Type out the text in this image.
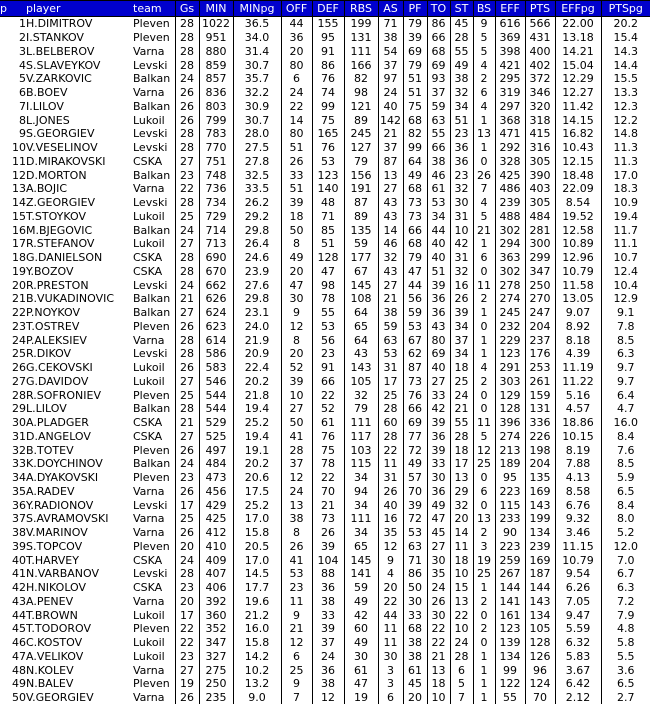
p	player	team	Gs	MIN	MINpg	OFF	DEF	RBS	AS	PF	TO	ST	BS	EFF	PTS	EFFpg	PTSpg
1	H.DIMITROV	Pleven	28	1022	36.5	44	155	199	71	79	86	45	9	616	566	22.00	20.2
2	I.STANKOV	Pleven	28	951	34.0	36	95	131	38	39	66	28	5	369	431	13.18	15.4
3	L.BELBEROV	Varna	28	880	31.4	20	91	111	54	69	68	55	5	398	400	14.21	14.3
4	S.SLAVEYKOV	Levski	28	859	30.7	80	86	166	37	79	69	49	4	421	402	15.04	14.4
5	V.ZARKOVIC	Balkan	24	857	35.7	6	76	82	97	51	93	38	2	295	372	12.29	15.5
6	B.BOEV	Varna	26	836	32.2	24	74	98	24	51	37	32	6	319	346	12.27	13.3
7	I.LILOV	Balkan	26	803	30.9	22	99	121	40	75	59	34	4	297	320	11.42	12.3
8	L.JONES	Lukoil	26	799	30.7	14	75	89	142	68	63	51	1	368	318	14.15	12.2
9	S.GEORGIEV	Levski	28	783	28.0	80	165	245	21	82	55	23	13	471	415	16.82	14.8
10	V.VESELINOV	Levski	28	770	27.5	51	76	127	37	99	66	36	1	292	316	10.43	11.3
11	D.MIRAKOVSKI	CSKA	27	751	27.8	26	53	79	87	64	38	36	0	328	305	12.15	11.3
12	D.MORTON	Balkan	23	748	32.5	33	123	156	13	49	46	23	26	425	390	18.48	17.0
13	A.BOJIC	Varna	22	736	33.5	51	140	191	27	68	61	32	7	486	403	22.09	18.3
14	Z.GEORGIEV	Levski	28	734	26.2	39	48	87	43	73	53	30	4	239	305	8.54	10.9
15	T.STOYKOV	Lukoil	25	729	29.2	18	71	89	43	73	34	31	5	488	484	19.52	19.4
16	M.BJEGOVIC	Balkan	24	714	29.8	50	85	135	14	66	44	10	21	302	281	12.58	11.7
17	R.STEFANOV	Lukoil	27	713	26.4	8	51	59	46	68	40	42	1	294	300	10.89	11.1
18	G.DANIELSON	CSKA	28	690	24.6	49	128	177	32	79	40	31	6	363	299	12.96	10.7
19	Y.BOZOV	CSKA	28	670	23.9	20	47	67	43	47	51	32	0	302	347	10.79	12.4
20	R.PRESTON	Levski	24	662	27.6	47	98	145	27	44	39	16	11	278	250	11.58	10.4
21	B.VUKADINOVIC	Balkan	21	626	29.8	30	78	108	21	56	36	26	2	274	270	13.05	12.9
22	P.NOYKOV	Balkan	27	624	23.1	9	55	64	38	59	36	39	1	245	247	9.07	9.1
23	T.OSTREV	Pleven	26	623	24.0	12	53	65	59	53	43	34	0	232	204	8.92	7.8
24	P.ALEKSIEV	Varna	28	614	21.9	8	56	64	63	67	80	37	1	229	237	8.18	8.5
25	R.DIKOV	Levski	28	586	20.9	20	23	43	53	62	69	34	1	123	176	4.39	6.3
26	G.CEKOVSKI	Lukoil	26	583	22.4	52	91	143	31	87	40	18	4	291	253	11.19	9.7
27	G.DAVIDOV	Lukoil	27	546	20.2	39	66	105	17	73	27	25	2	303	261	11.22	9.7
28	R.SOFRONIEV	Pleven	25	544	21.8	10	22	32	25	76	33	24	0	129	159	5.16	6.4
29	L.LILOV	Balkan	28	544	19.4	27	52	79	28	66	42	21	0	128	131	4.57	4.7
30	A.PLADGER	CSKA	21	529	25.2	50	61	111	60	69	39	55	11	396	336	18.86	16.0
31	D.ANGELOV	CSKA	27	525	19.4	41	76	117	28	77	36	28	5	274	226	10.15	8.4
32	B.TOTEV	Pleven	26	497	19.1	28	75	103	22	72	39	18	12	213	198	8.19	7.6
33	K.DOYCHINOV	Balkan	24	484	20.2	37	78	115	11	49	33	17	25	189	204	7.88	8.5
34	A.DYAKOVSKI	Pleven	23	473	20.6	12	22	34	31	57	30	13	0	95	135	4.13	5.9
35	A.RADEV	Varna	26	456	17.5	24	70	94	26	70	36	29	6	223	169	8.58	6.5
36	Y.RADIONOV	Levski	17	429	25.2	13	21	34	40	39	49	32	0	115	143	6.76	8.4
37	S.AVRAMOVSKI	Varna	25	425	17.0	38	73	111	16	72	47	20	13	233	199	9.32	8.0
38	V.MARINOV	Varna	26	412	15.8	8	26	34	35	53	45	14	2	90	134	3.46	5.2
39	S.TOPCOV	Pleven	20	410	20.5	26	39	65	12	63	27	11	3	223	239	11.15	12.0
40	T.HARVEY	CSKA	24	409	17.0	41	104	145	9	71	30	18	19	259	169	10.79	7.0
41	N.VARBANOV	Levski	28	407	14.5	53	88	141	4	86	35	10	25	267	187	9.54	6.7
42	H.NIKOLOV	CSKA	23	406	17.7	23	36	59	20	50	24	15	1	144	144	6.26	6.3
43	A.PENEV	Varna	20	392	19.6	11	38	49	22	30	26	13	2	141	143	7.05	7.2
44	T.BROWN	Lukoil	17	360	21.2	9	33	42	44	33	30	22	0	161	134	9.47	7.9
45	T.TODOROV	Pleven	22	352	16.0	21	39	60	11	68	22	10	2	123	105	5.59	4.8
46	C.KOSTOV	Lukoil	22	347	15.8	12	37	49	11	38	22	24	0	139	128	6.32	5.8
47	A.VELIKOV	Lukoil	23	327	14.2	6	24	30	30	38	21	28	1	134	126	5.83	5.5
48	N.KOLEV	Varna	27	275	10.2	25	36	61	3	61	13	6	1	99	96	3.67	3.6
49	N.BALEV	Pleven	19	250	13.2	9	38	47	3	45	18	5	1	122	124	6.42	6.5
50	V.GEORGIEV	Varna	26	235	9.0	7	12	19	6	20	10	7	1	55	70	2.12	2.7
